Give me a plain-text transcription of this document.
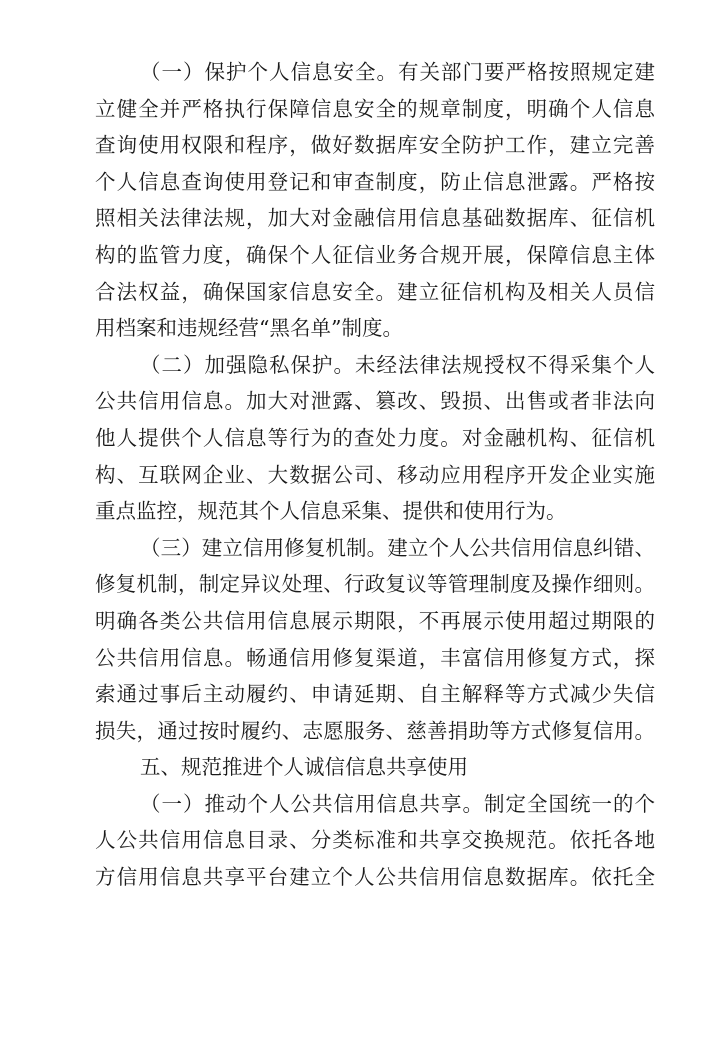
（一）保护个人信息安全。有关部门要严格按照规定建
立健全并严格执行保障信息安全的规章制度，明确个人信息
查询使用权限和程序，做好数据库安全防护工作，建立完善
个人信息查询使用登记和审查制度，防止信息泄露。严格按
照相关法律法规，加大对金融信用信息基础数据库、征信机
构的监管力度，确保个人征信业务合规开展，保障信息主体
合法权益，确保国家信息安全。建立征信机构及相关人员信
用档案和违规经营“黑名单”制度。
（二）加强隐私保护。未经法律法规授权不得采集个人
公共信用信息。加大对泄露、篡改、毁损、出售或者非法向
他人提供个人信息等行为的查处力度。对金融机构、征信机
构、互联网企业、大数据公司、移动应用程序开发企业实施
重点监控，规范其个人信息采集、提供和使用行为。
（三）建立信用修复机制。建立个人公共信用信息纠错、
修复机制，制定异议处理、行政复议等管理制度及操作细则。
明确各类公共信用信息展示期限，不再展示使用超过期限的
公共信用信息。畅通信用修复渠道，丰富信用修复方式，探
索通过事后主动履约、申请延期、自主解释等方式减少失信
损失，通过按时履约、志愿服务、慈善捐助等方式修复信用。
五、规范推进个人诚信信息共享使用
（一）推动个人公共信用信息共享。制定全国统一的个
人公共信用信息目录、分类标准和共享交换规范。依托各地
方信用信息共享平台建立个人公共信用信息数据库。依托全
